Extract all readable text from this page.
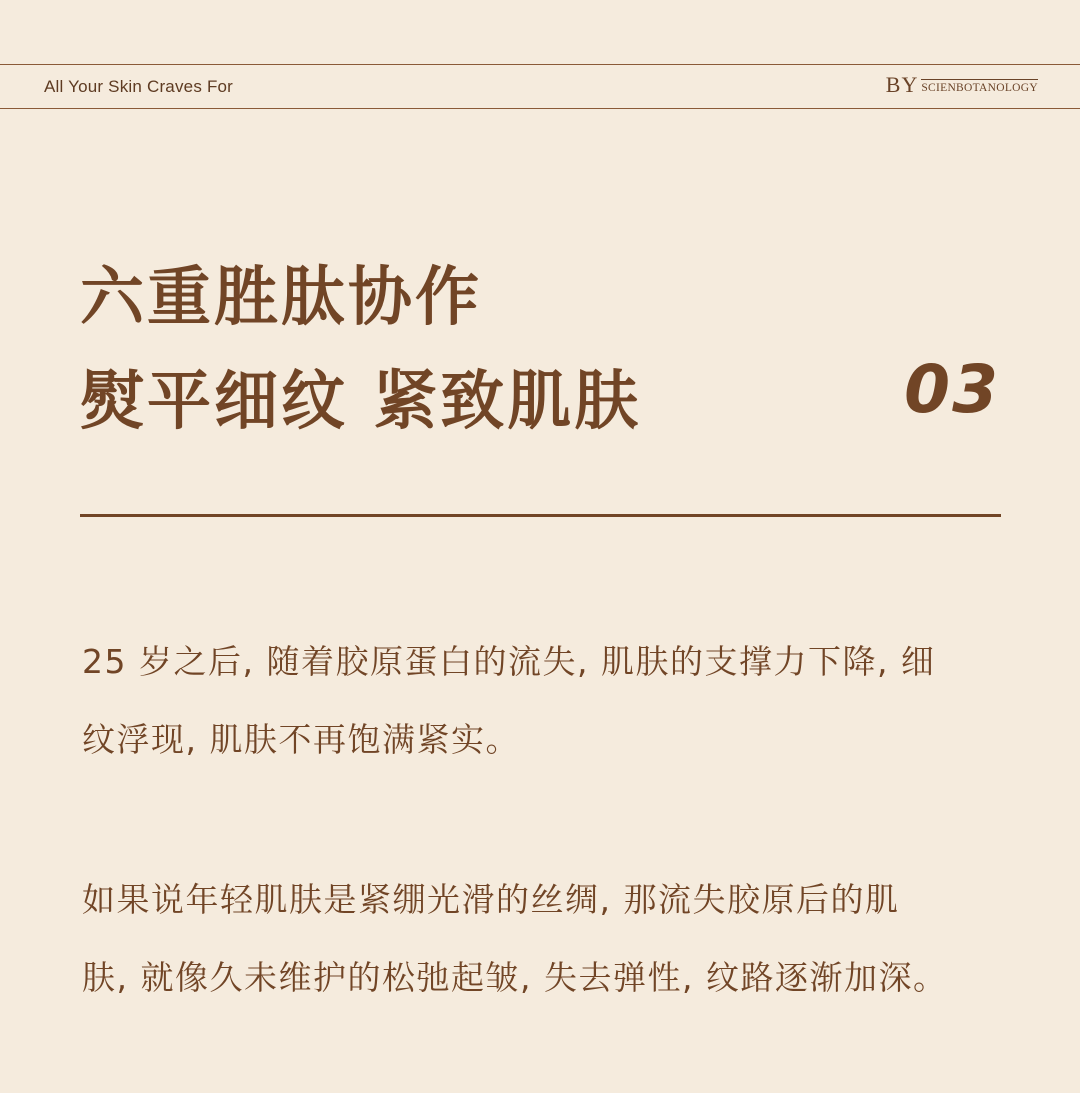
All Your Skin Craves For	BY SCIENBOTANOLOGY
六重胜肽协作
熨平细纹 紧致肌肤	03

25 岁之后, 随着胶原蛋白的流失, 肌肤的支撑力下降, 细
纹浮现, 肌肤不再饱满紧实。

如果说年轻肌肤是紧绷光滑的丝绸, 那流失胶原后的肌
肤, 就像久未维护的松弛起皱, 失去弹性, 纹路逐渐加深。
